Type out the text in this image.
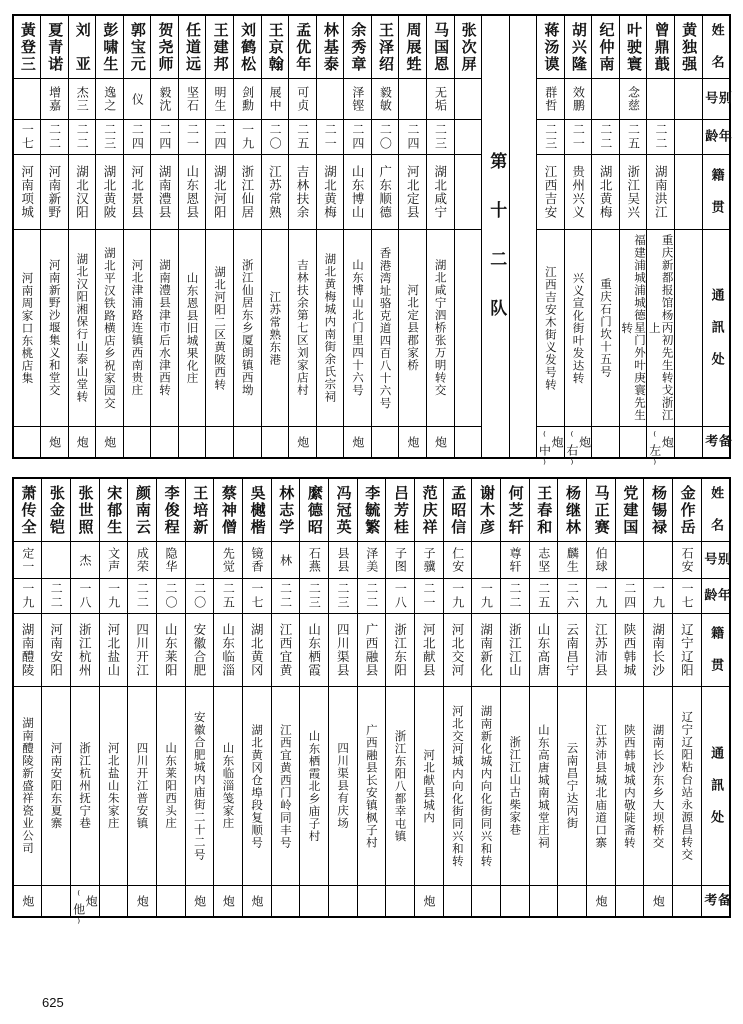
黃登三	夏青诺	刘　亚	彭啸生	郭宝元	贺尧师	任道远	王建邦	刘鹤松	王京翰	孟优年	林基泰	余秀章	王泽绍	周展甡	马国恩	张次屏	第 十 二 队		蒋汤谟	胡兴隆	纪仲南	叶驶寰	曾鼎蕺	黄独强	姓　名

	增嘉	杰三	逸之	仪	毅沈	坚石	明生	剑勳	展中	可贞		泽铿	毅敏		无垢				群哲	效鹏		念慈			别　号

一七	二二	二二	二三	二四	二四	二一	二四	一九	二〇	二五	二一	二四	二〇	二四	二三				二三	二一	二二	二五	二二		年龄

河南项城	河南新野	湖北汉阳	湖北黄陂	河北景县	湖南澧县	山东恩县	湖北河阳	浙江仙居	江苏常熟	吉林扶余	湖北黄梅	山东博山	广东顺德	河北定县	湖北咸宁				江西吉安	贵州兴义	湖北黄梅	浙江吴兴	湖南洪江		籍　贯

河南周家口东桃店集	河南新野沙堰集义和堂交	湖北汉阳湘保行山泰山堂转	湖北平汉铁路横店乡祝家园交	河北津浦路连镇西南贵庄	湖南澧县津市后水津西转	山东恩县旧城果化庄	湖北河阳二区黄陂西转	浙江仙居东乡厦朗镇西坳	江苏常熟东港	吉林扶余第七区刘家店村	湖北黄梅城内南街余氏宗祠	山东博山北门里四十六号	香港湾址骆克道四百八十六号	河北定县郡家桥	湖北咸宁泗桥张万明转交				江西吉安木街义发号转	兴义宣化街叶发达转	重庆石门坎十五号	福建浦城浦城德星门外叶庚寰先生转	重庆新都报馆杨丙初先生转戈浙江上		通　訊　处

	炮	炮	炮							炮		炮		炮	炮				炮⁽中⁾	炮⁽右⁾			炮⁽左⁾		备考
萧传全	张金铠	张世照	宋郁生	颜南云	李俊程	王培新	蔡神僧	吳樾楷	林志学	縻德昭	冯冠英	李毓繁	吕芳桂	范庆祥	孟昭信	谢木彦	何芝轩	王春和	杨继林	马正赛	党建国	杨锡禄	金作岳	姓　名

定一		杰	文声	成荣	隐华		先觉	镜香	林	石燕	县县	泽美	子图	子骥	仁安		尊轩	志坚	麟生	伯球			石安	别　号

一九	二二	一八	一九	二二	二〇	二〇	二五	一七	二二	二三	二三	二二	一八	二一	一九	一九	二二	二五	二六	一九	二四	一九	一七	年龄

湖南醴陵	河南安阳	浙江杭州	河北盐山	四川开江	山东莱阳	安徽合肥	山东临淄	湖北黄冈	江西宜黄	山东栖霞	四川渠县	广西融县	浙江东阳	河北献县	河北交河	湖南新化	浙江江山	山东高唐	云南昌宁	江苏沛县	陕西韩城	湖南长沙	辽宁辽阳	籍　贯

湖南醴陵新盛祥瓷业公司	河南安阳东夏寨	浙江杭州抚宁巷	河北盐山朱家庄	四川开江普安镇	山东莱阳西头庄	安徽合肥城内庙街二十二号	山东临淄笺家庄	湖北黄冈仓埠段复顺号	江西宜黄西门岭同丰号	山东栖霞北乡庙子村	四川渠县有庆场	广西融县长安镇枫子村	浙江东阳八都幸屯镇	河北献县城内	河北交河城内向化街同兴和转	湖南新化城内向化街同兴和转	浙江江山古柴家巷	山东高唐城南城堂庄祠	云南昌宁达丙街	江苏沛县城北庙道口寨	陕西韩城城内敬陡斋转	湖南长沙东乡大坝桥交	辽宁辽阳粘台站永源昌转交	通　訊　处

炮		炮⁽他⁾		炮		炮	炮	炮						炮						炮		炮		备考
625
